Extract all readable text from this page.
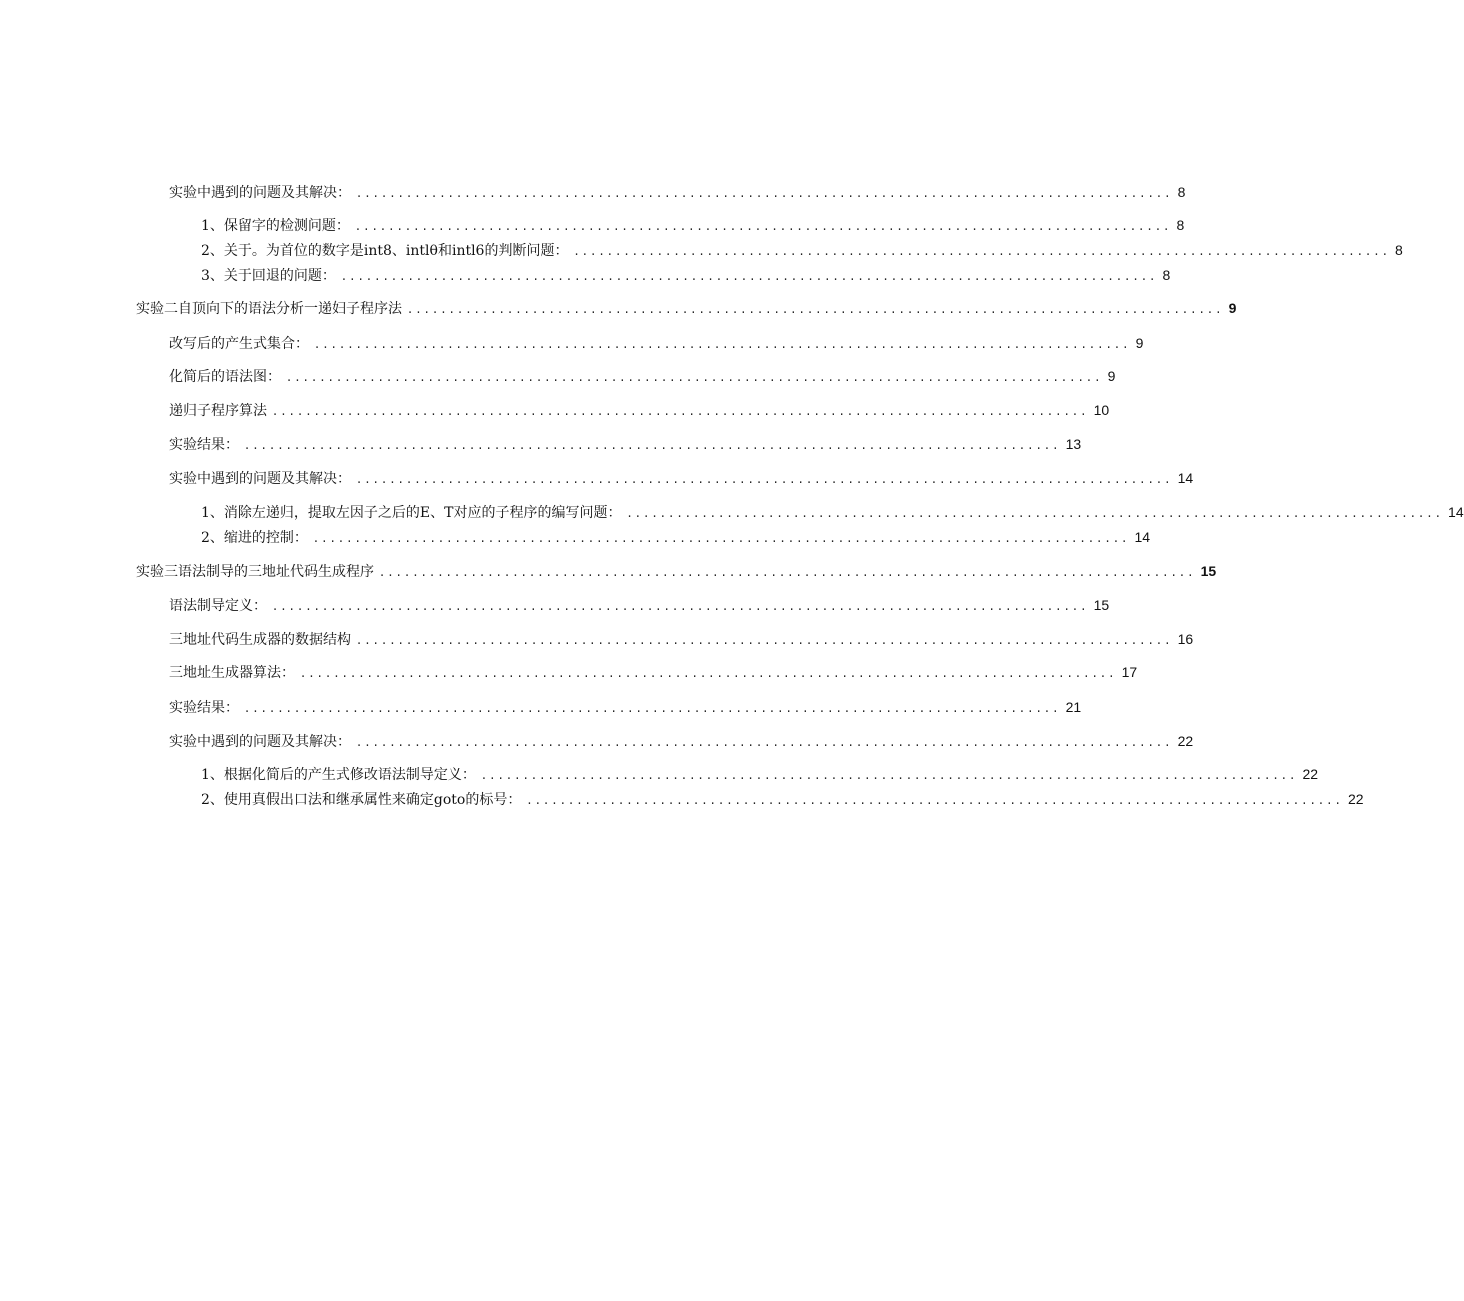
实验中遇到的问题及其解决： .................................................................................................. 8
1、保留字的检测问题： .................................................................................................. 8
2、关于。为首位的数字是int8、intlθ和intl6的判断问题： .................................................................................................. 8
3、关于回退的问题： .................................................................................................. 8
实验二自顶向下的语法分析一递妇子程序法 .................................................................................................. 9
改写后的产生式集合： .................................................................................................. 9
化简后的语法图： .................................................................................................. 9
递归子程序算法 .................................................................................................. 10
实验结果： .................................................................................................. 13
实验中遇到的问题及其解决： .................................................................................................. 14
1、消除左递归，提取左因子之后的E、T对应的子程序的编写问题： .................................................................................................. 14
2、缩进的控制： .................................................................................................. 14
实验三语法制导的三地址代码生成程序 .................................................................................................. 15
语法制导定义： .................................................................................................. 15
三地址代码生成器的数据结构 .................................................................................................. 16
三地址生成器算法： .................................................................................................. 17
实验结果： .................................................................................................. 21
实验中遇到的问题及其解决： .................................................................................................. 22
1、根据化简后的产生式修改语法制导定义： .................................................................................................. 22
2、使用真假出口法和继承属性来确定goto的标号： .................................................................................................. 22
